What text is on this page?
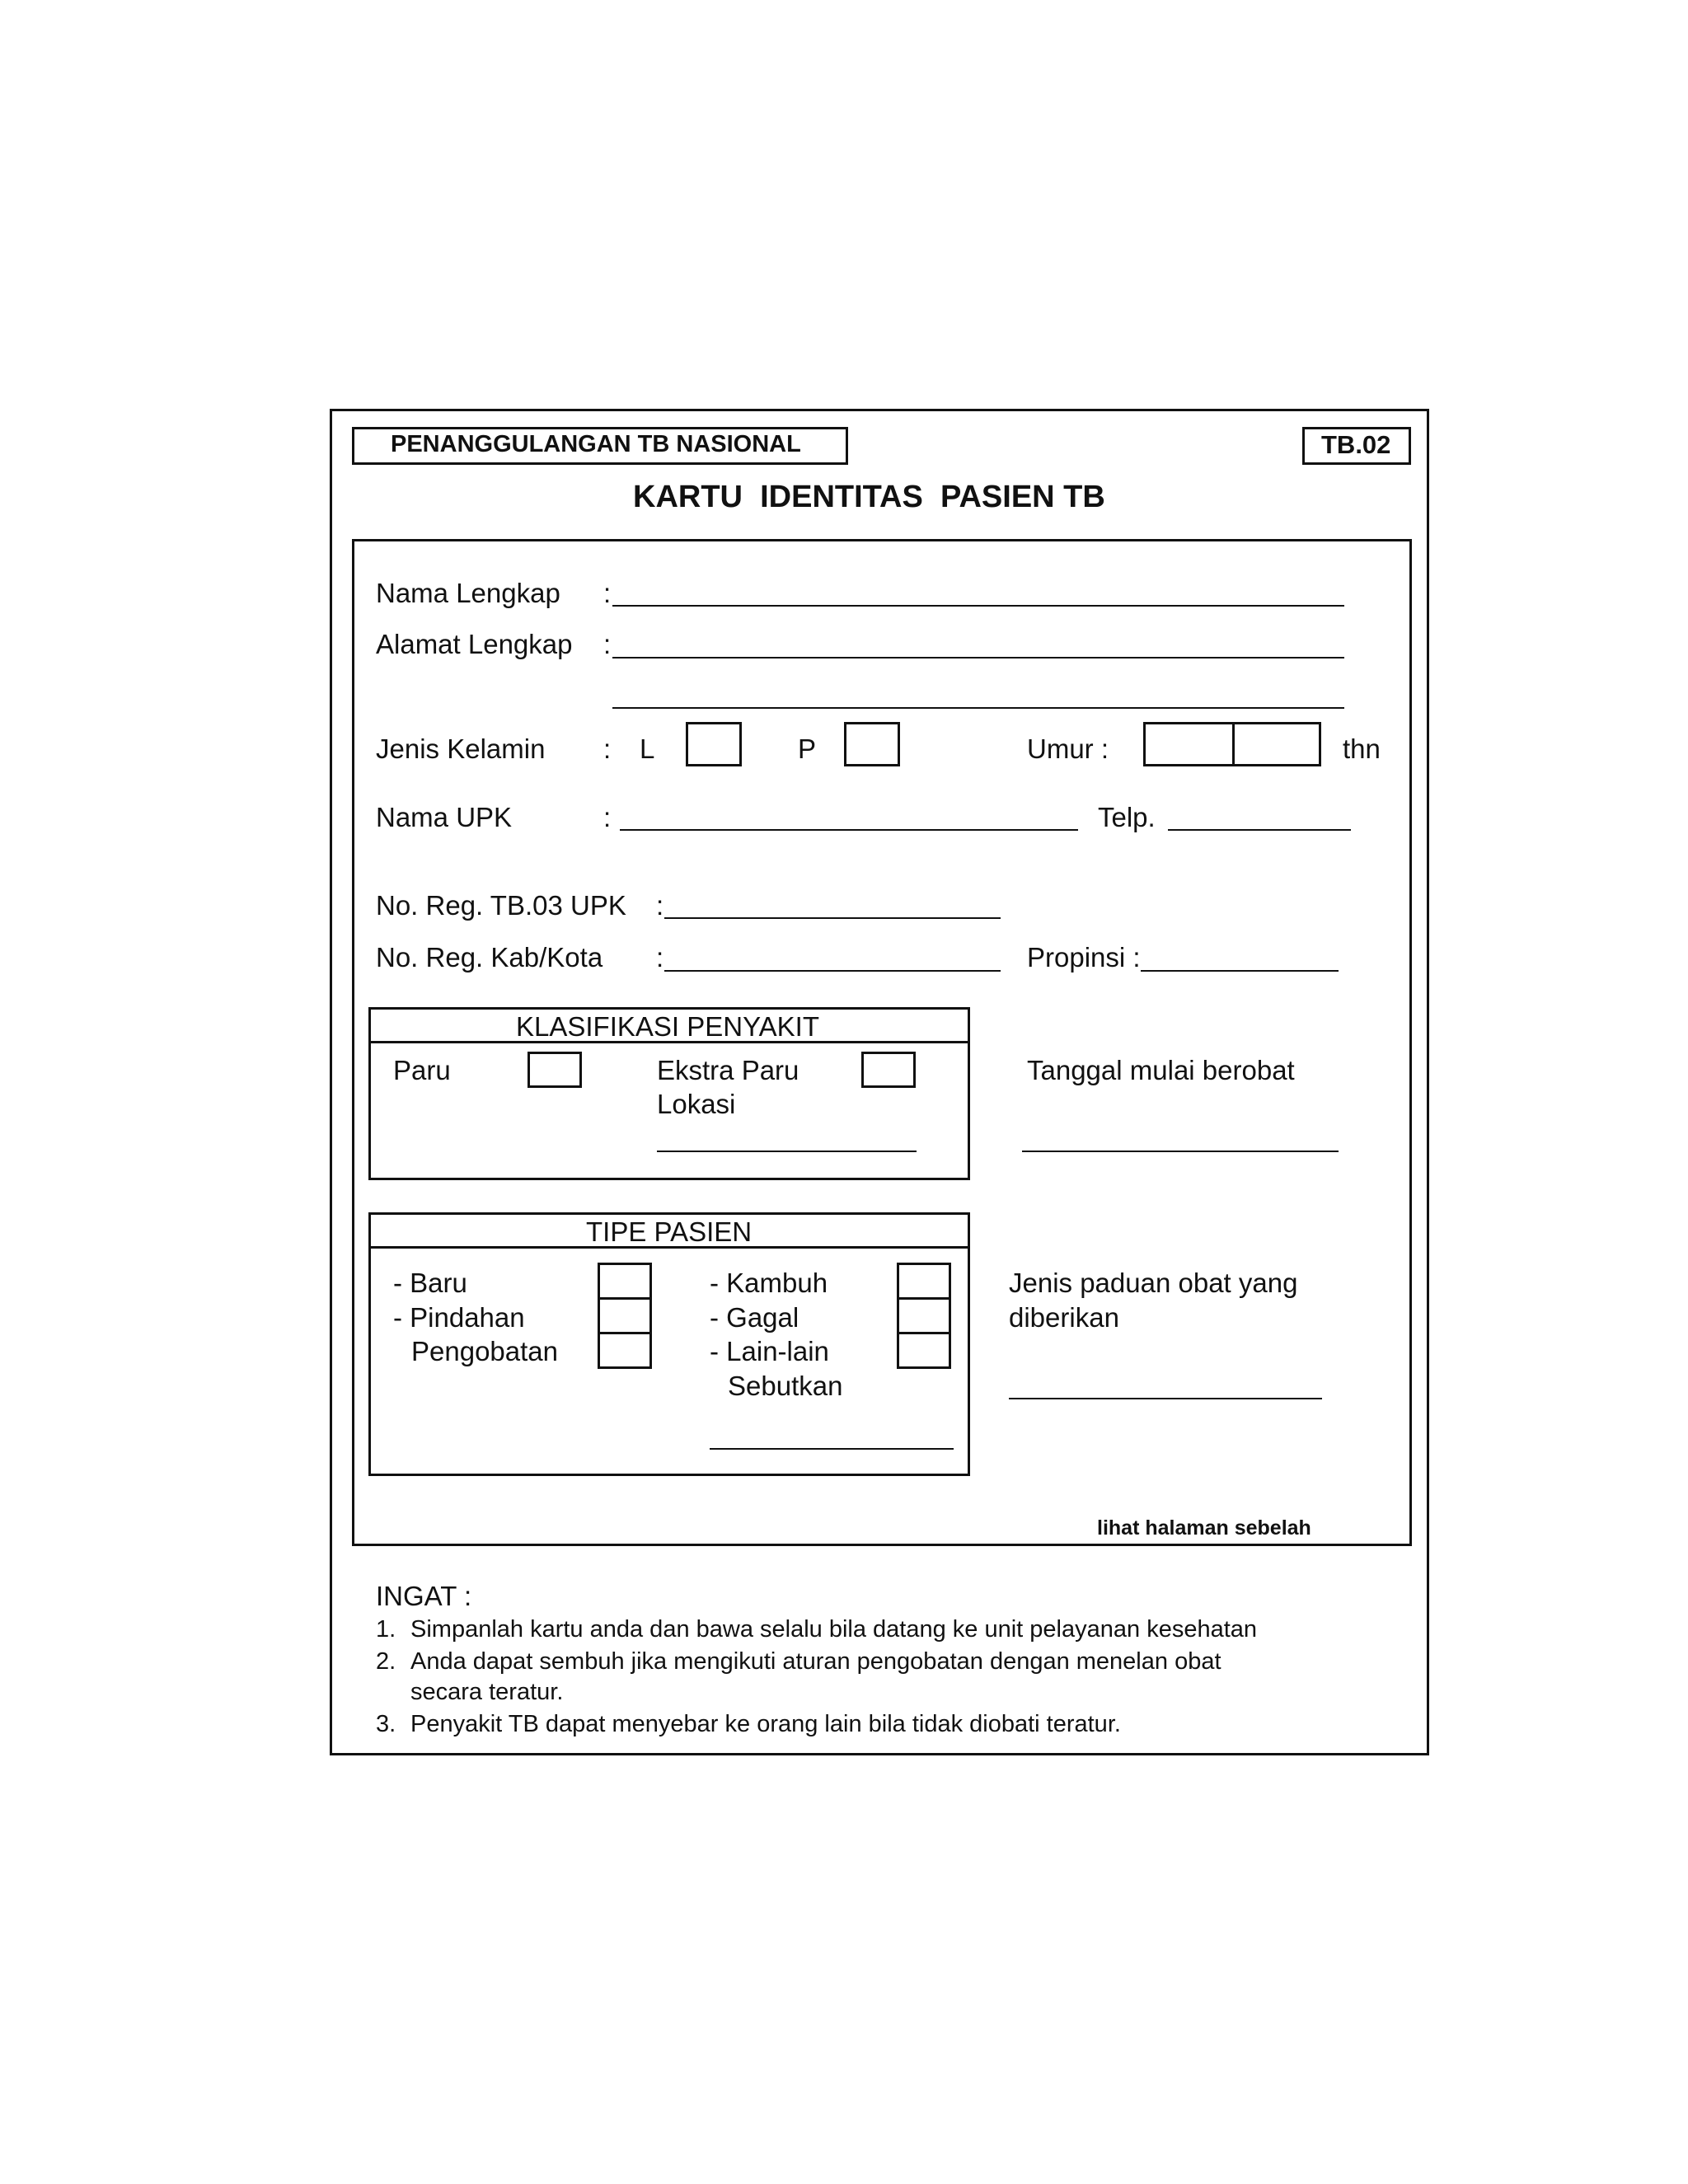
PENANGGULANGAN TB NASIONAL	TB.02
KARTU  IDENTITAS  PASIEN TB
Nama Lengkap :
Alamat Lengkap :
Jenis Kelamin : L	P	Umur :	thn
Nama UPK	:	Telp.
No. Reg. TB.03 UPK :
No. Reg. Kab/Kota :	Propinsi :
KLASIFIKASI PENYAKIT
Paru	Ekstra Paru
Lokasi
Tanggal mulai berobat
TIPE PASIEN
- Baru
- Pindahan
Pengobatan
- Kambuh
- Gagal
- Lain-lain
Sebutkan
Jenis paduan obat yang
diberikan
lihat halaman sebelah
INGAT :
1. Simpanlah kartu anda dan bawa selalu bila datang ke unit pelayanan kesehatan
2. Anda dapat sembuh jika mengikuti aturan pengobatan dengan menelan obat
secara teratur.
3. Penyakit TB dapat menyebar ke orang lain bila tidak diobati teratur.
